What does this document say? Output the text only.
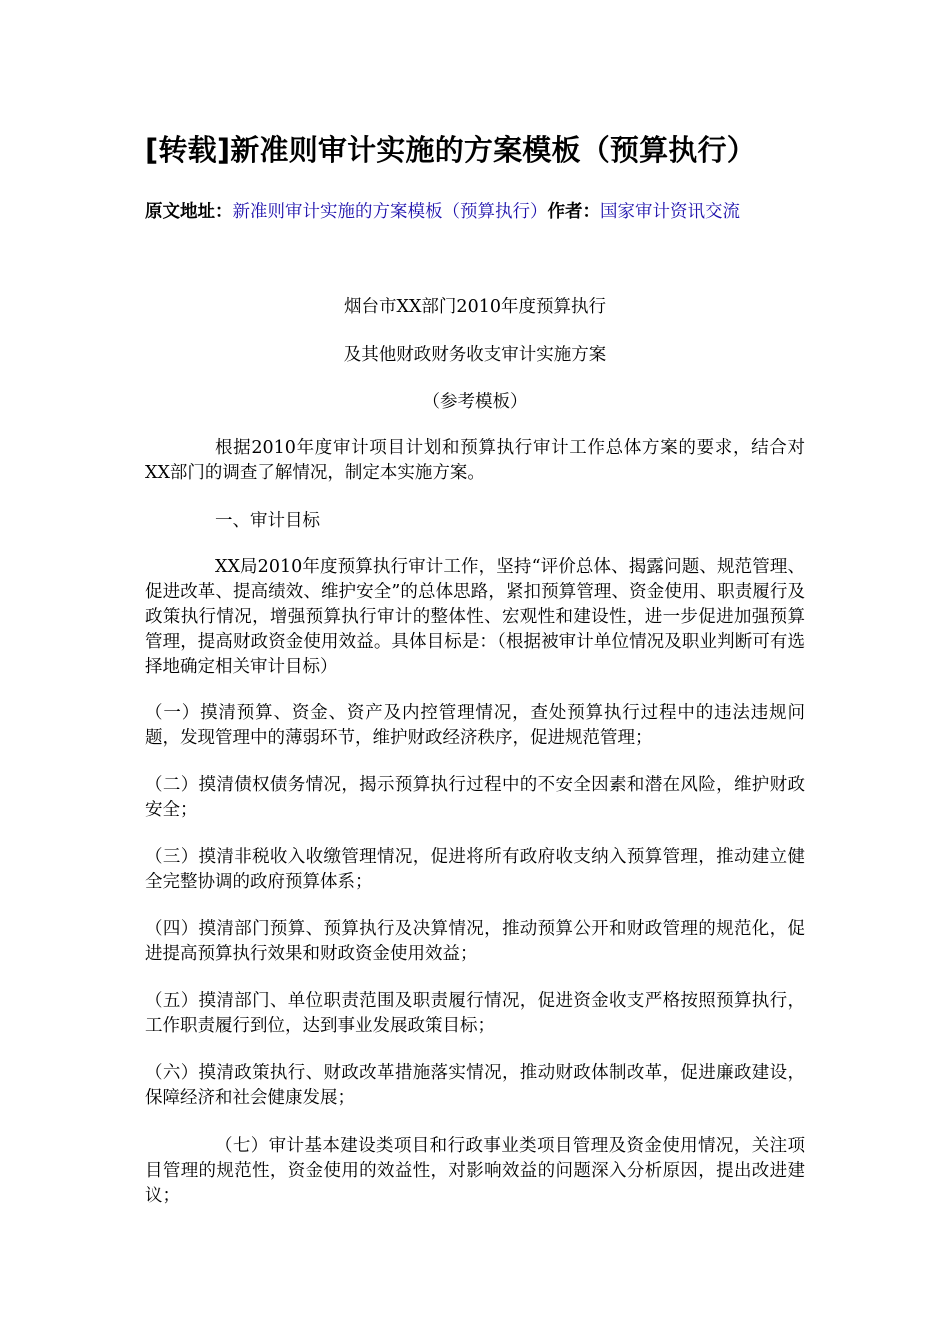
[转载]新准则审计实施的方案模板（预算执行）
原文地址：新准则审计实施的方案模板（预算执行）作者：国家审计资讯交流
烟台市XX部门2010年度预算执行
及其他财政财务收支审计实施方案
（参考模板）
根据2010年度审计项目计划和预算执行审计工作总体方案的要求，结合对XX部门的调查了解情况，制定本实施方案。
一、审计目标
XX局2010年度预算执行审计工作，坚持“评价总体、揭露问题、规范管理、促进改革、提高绩效、维护安全”的总体思路，紧扣预算管理、资金使用、职责履行及政策执行情况，增强预算执行审计的整体性、宏观性和建设性，进一步促进加强预算管理，提高财政资金使用效益。具体目标是：（根据被审计单位情况及职业判断可有选择地确定相关审计目标）
（一）摸清预算、资金、资产及内控管理情况，查处预算执行过程中的违法违规问题，发现管理中的薄弱环节，维护财政经济秩序，促进规范管理；
（二）摸清债权债务情况，揭示预算执行过程中的不安全因素和潜在风险，维护财政安全；
（三）摸清非税收入收缴管理情况，促进将所有政府收支纳入预算管理，推动建立健全完整协调的政府预算体系；
（四）摸清部门预算、预算执行及决算情况，推动预算公开和财政管理的规范化，促进提高预算执行效果和财政资金使用效益；
（五）摸清部门、单位职责范围及职责履行情况，促进资金收支严格按照预算执行，工作职责履行到位，达到事业发展政策目标；
（六）摸清政策执行、财政改革措施落实情况，推动财政体制改革，促进廉政建设，保障经济和社会健康发展；
（七）审计基本建设类项目和行政事业类项目管理及资金使用情况，关注项目管理的规范性，资金使用的效益性，对影响效益的问题深入分析原因，提出改进建议；
